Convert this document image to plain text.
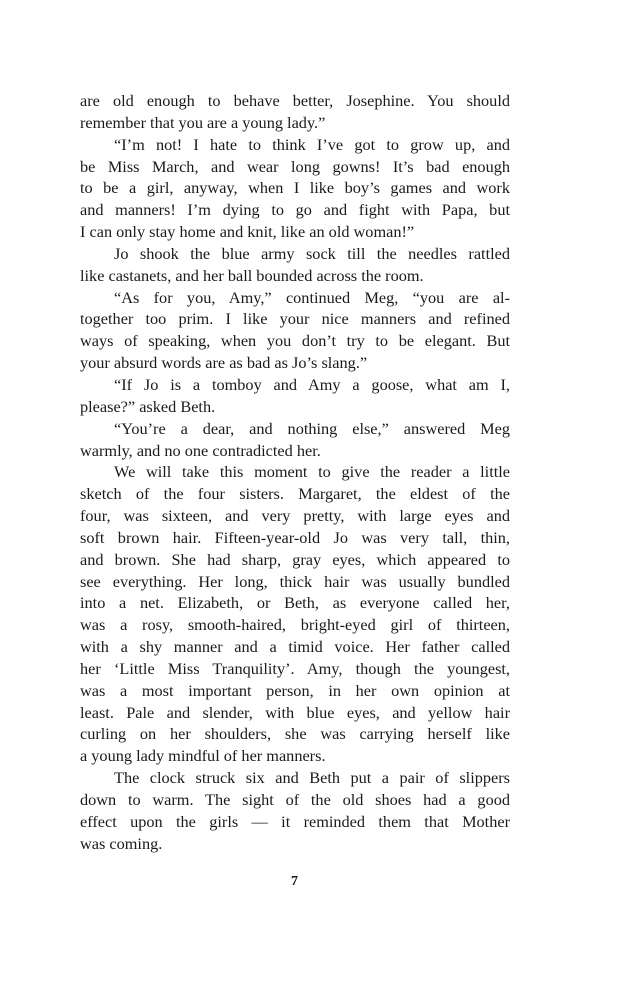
are old enough to behave better, Josephine. You should
remember that you are a young lady.”
“I’m not! I hate to think I’ve got to grow up, and
be Miss March, and wear long gowns! It’s bad enough
to be a girl, anyway, when I like boy’s games and work
and manners! I’m dying to go and fight with Papa, but
I can only stay home and knit, like an old woman!”
Jo shook the blue army sock till the needles rattled
like castanets, and her ball bounded across the room.
“As for you, Amy,” continued Meg, “you are al-
together too prim. I like your nice manners and refined
ways of speaking, when you don’t try to be elegant. But
your absurd words are as bad as Jo’s slang.”
“If Jo is a tomboy and Amy a goose, what am I,
please?” asked Beth.
“You’re a dear, and nothing else,” answered Meg
warmly, and no one contradicted her.
We will take this moment to give the reader a little
sketch of the four sisters. Margaret, the eldest of the
four, was sixteen, and very pretty, with large eyes and
soft brown hair. Fifteen-year-old Jo was very tall, thin,
and brown. She had sharp, gray eyes, which appeared to
see everything. Her long, thick hair was usually bundled
into a net. Elizabeth, or Beth, as everyone called her,
was a rosy, smooth-haired, bright-eyed girl of thirteen,
with a shy manner and a timid voice. Her father called
her ‘Little Miss Tranquility’. Amy, though the youngest,
was a most important person, in her own opinion at
least. Pale and slender, with blue eyes, and yellow hair
curling on her shoulders, she was carrying herself like
a young lady mindful of her manners.
The clock struck six and Beth put a pair of slippers
down to warm. The sight of the old shoes had a good
effect upon the girls — it reminded them that Mother
was coming.
7
